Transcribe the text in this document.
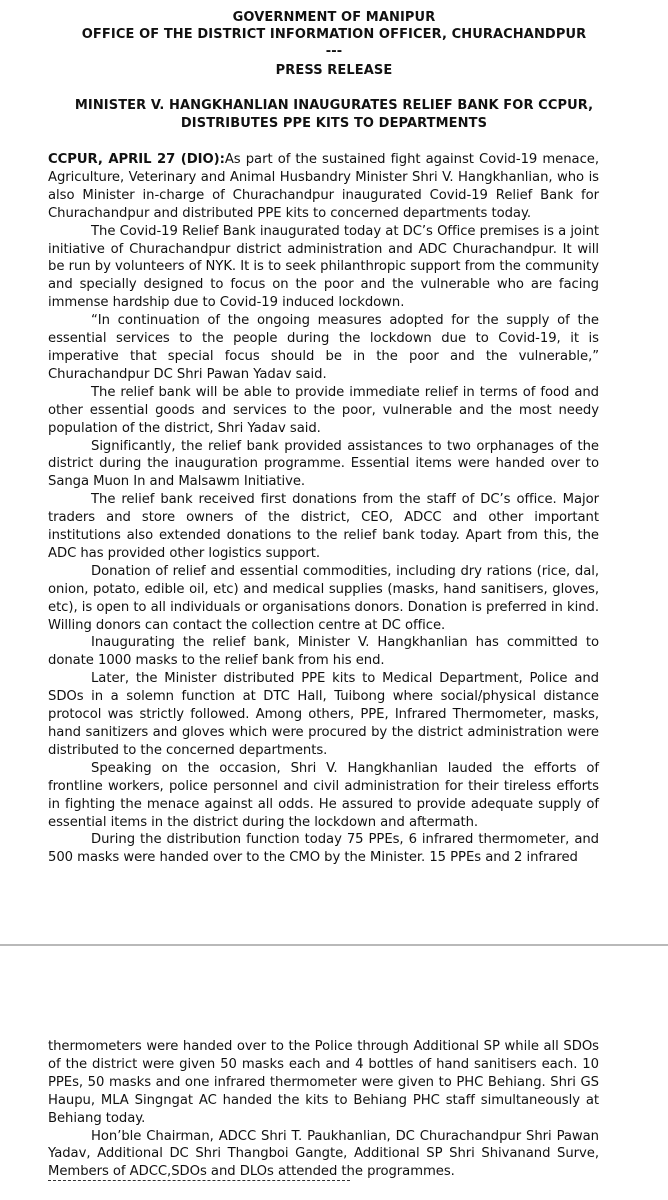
GOVERNMENT OF MANIPUR
OFFICE OF THE DISTRICT INFORMATION OFFICER, CHURACHANDPUR
---
PRESS RELEASE
MINISTER V. HANGKHANLIAN INAUGURATES RELIEF BANK FOR CCPUR,
DISTRIBUTES PPE KITS TO DEPARTMENTS

CCPUR, APRIL 27 (DIO):As part of the sustained fight against Covid-19 menace, Agriculture, Veterinary and Animal Husbandry Minister Shri V. Hangkhanlian, who is also Minister in-charge of Churachandpur inaugurated Covid-19 Relief Bank for Churachandpur and distributed PPE kits to concerned departments today.

The Covid-19 Relief Bank inaugurated today at DC’s Office premises is a joint initiative of Churachandpur district administration and ADC Churachandpur. It will be run by volunteers of NYK. It is to seek philanthropic support from the community and specially designed to focus on the poor and the vulnerable who are facing immense hardship due to Covid-19 induced lockdown.

“In continuation of the ongoing measures adopted for the supply of the essential services to the people during the lockdown due to Covid-19, it is imperative that special focus should be in the poor and the vulnerable,” Churachandpur DC Shri Pawan Yadav said.

The relief bank will be able to provide immediate relief in terms of food and other essential goods and services to the poor, vulnerable and the most needy population of the district, Shri Yadav said.

Significantly, the relief bank provided assistances to two orphanages of the district during the inauguration programme. Essential items were handed over to Sanga Muon In and Malsawm Initiative.

The relief bank received first donations from the staff of DC’s office. Major traders and store owners of the district, CEO, ADCC and other important institutions also extended donations to the relief bank today. Apart from this, the ADC has provided other logistics support.

Donation of relief and essential commodities, including dry rations (rice, dal, onion, potato, edible oil, etc) and medical supplies (masks, hand sanitisers, gloves, etc), is open to all individuals or organisations donors. Donation is preferred in kind. Willing donors can contact the collection centre at DC office.

Inaugurating the relief bank, Minister V. Hangkhanlian has committed to donate 1000 masks to the relief bank from his end.

Later, the Minister distributed PPE kits to Medical Department, Police and SDOs in a solemn function at DTC Hall, Tuibong where social/physical distance protocol was strictly followed. Among others, PPE, Infrared Thermometer, masks, hand sanitizers and gloves which were procured by the district administration were distributed to the concerned departments.

Speaking on the occasion, Shri V. Hangkhanlian lauded the efforts of frontline workers, police personnel and civil administration for their tireless efforts in fighting the menace against all odds. He assured to provide adequate supply of essential items in the district during the lockdown and aftermath.

During the distribution function today 75 PPEs, 6 infrared thermometer, and 500 masks were handed over to the CMO by the Minister. 15 PPEs and 2 infrared

thermometers were handed over to the Police through Additional SP while all SDOs of the district were given 50 masks each and 4 bottles of hand sanitisers each. 10 PPEs, 50 masks and one infrared thermometer were given to PHC Behiang. Shri GS Haupu, MLA Singngat AC handed the kits to Behiang PHC staff simultaneously at Behiang today.

Hon’ble Chairman, ADCC Shri T. Paukhanlian, DC Churachandpur Shri Pawan Yadav, Additional DC Shri Thangboi Gangte, Additional SP Shri Shivanand Surve, Members of ADCC,SDOs and DLOs attended the programmes.
